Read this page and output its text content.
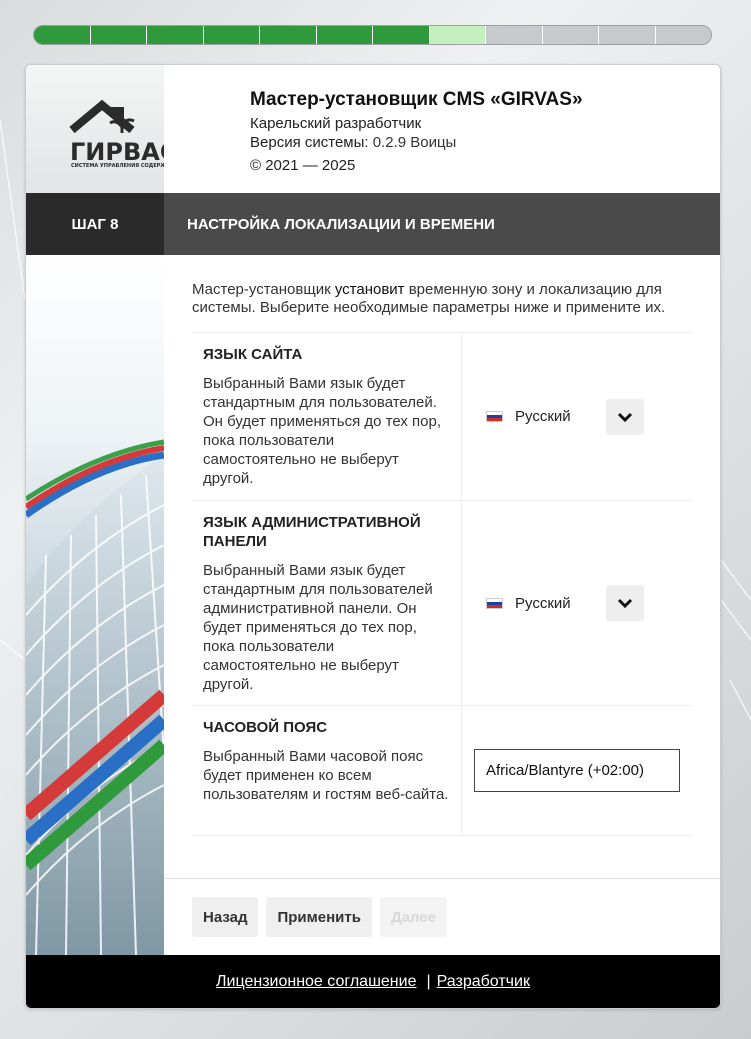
ГИРВА
СИСТЕМА УПРАВЛЕНИЯ СОДЕР
Мастер-установщик CMS «GIRVAS»
Карельский разработчик
Версия системы: 0.2.9 Воицы
© 2021 — 2025
ШАГ 8	НАСТРОЙКА ЛОКАЛИЗАЦИИ И ВРЕМЕНИ
Мастер-установщик установит временную зону и локализацию для системы. Выберите необходимые параметры ниже и примените их.
ЯЗЫК САЙТА
Выбранный Вами язык будет стандартным для пользователей. Он будет применяться до тех пор, пока пользователи самостоятельно не выберут другой.
Русский
ЯЗЫК АДМИНИСТРАТИВНОЙ ПАНЕЛИ
Выбранный Вами язык будет стандартным для пользователей административной панели. Он будет применяться до тех пор, пока пользователи самостоятельно не выберут другой.
Русский
ЧАСОВОЙ ПОЯС
Выбранный Вами часовой пояс будет применен ко всем пользователям и гостям веб-сайта.
Africa/Blantyre (+02:00)
Назад	Применить	Далее
Лицензионное соглашение | Разработчик
